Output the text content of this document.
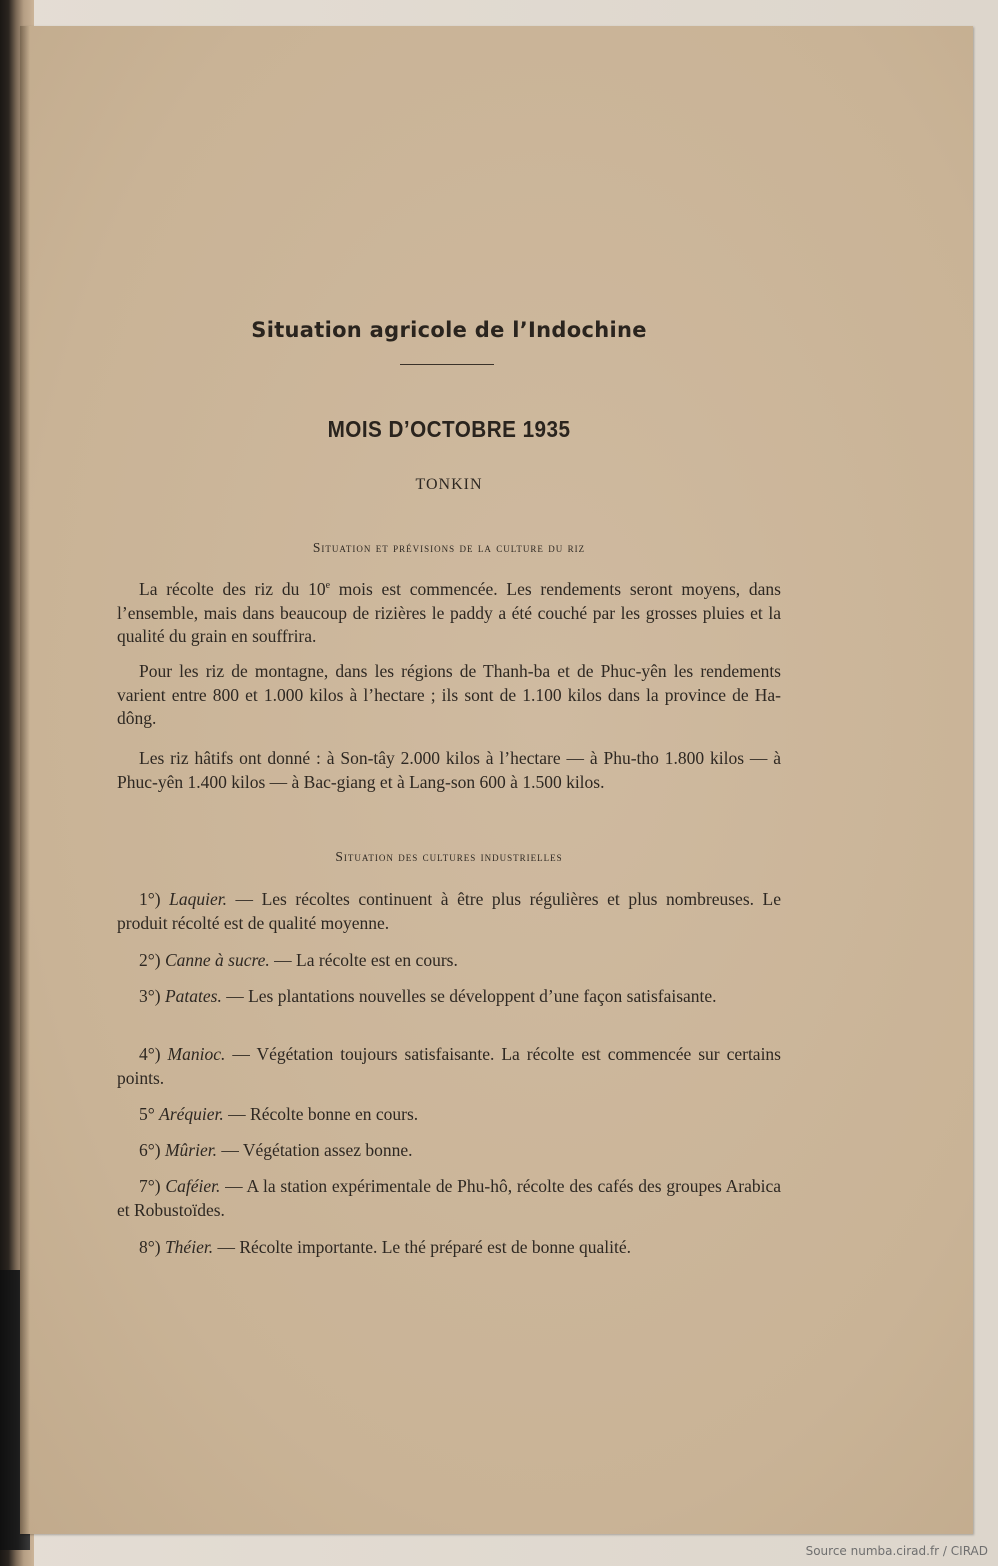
Situation agricole de l’Indochine
MOIS D’OCTOBRE 1935
TONKIN
Situation et prévisions de la culture du riz
La récolte des riz du 10e mois est commencée. Les rendements seront moyens, dans l’ensemble, mais dans beaucoup de rizières le paddy a été couché par les grosses pluies et la qualité du grain en souffrira.
Pour les riz de montagne, dans les régions de Thanh-ba et de Phuc-yên les rendements varient entre 800 et 1.000 kilos à l’hectare ; ils sont de 1.100 kilos dans la province de Ha-dông.
Les riz hâtifs ont donné : à Son-tây 2.000 kilos à l’hectare — à Phu-tho 1.800 kilos — à Phuc-yên 1.400 kilos — à Bac-giang et à Lang-son 600 à 1.500 kilos.
Situation des cultures industrielles
1°) Laquier. — Les récoltes continuent à être plus régulières et plus nombreuses. Le produit récolté est de qualité moyenne.
2°) Canne à sucre. — La récolte est en cours.
3°) Patates. — Les plantations nouvelles se développent d’une façon satisfaisante.
4°) Manioc. — Végétation toujours satisfaisante. La récolte est commencée sur certains points.
5° Aréquier. — Récolte bonne en cours.
6°) Mûrier. — Végétation assez bonne.
7°) Caféier. — A la station expérimentale de Phu-hô, récolte des cafés des groupes Arabica et Robustoïdes.
8°) Théier. — Récolte importante. Le thé préparé est de bonne qualité.
Source numba.cirad.fr / CIRAD
